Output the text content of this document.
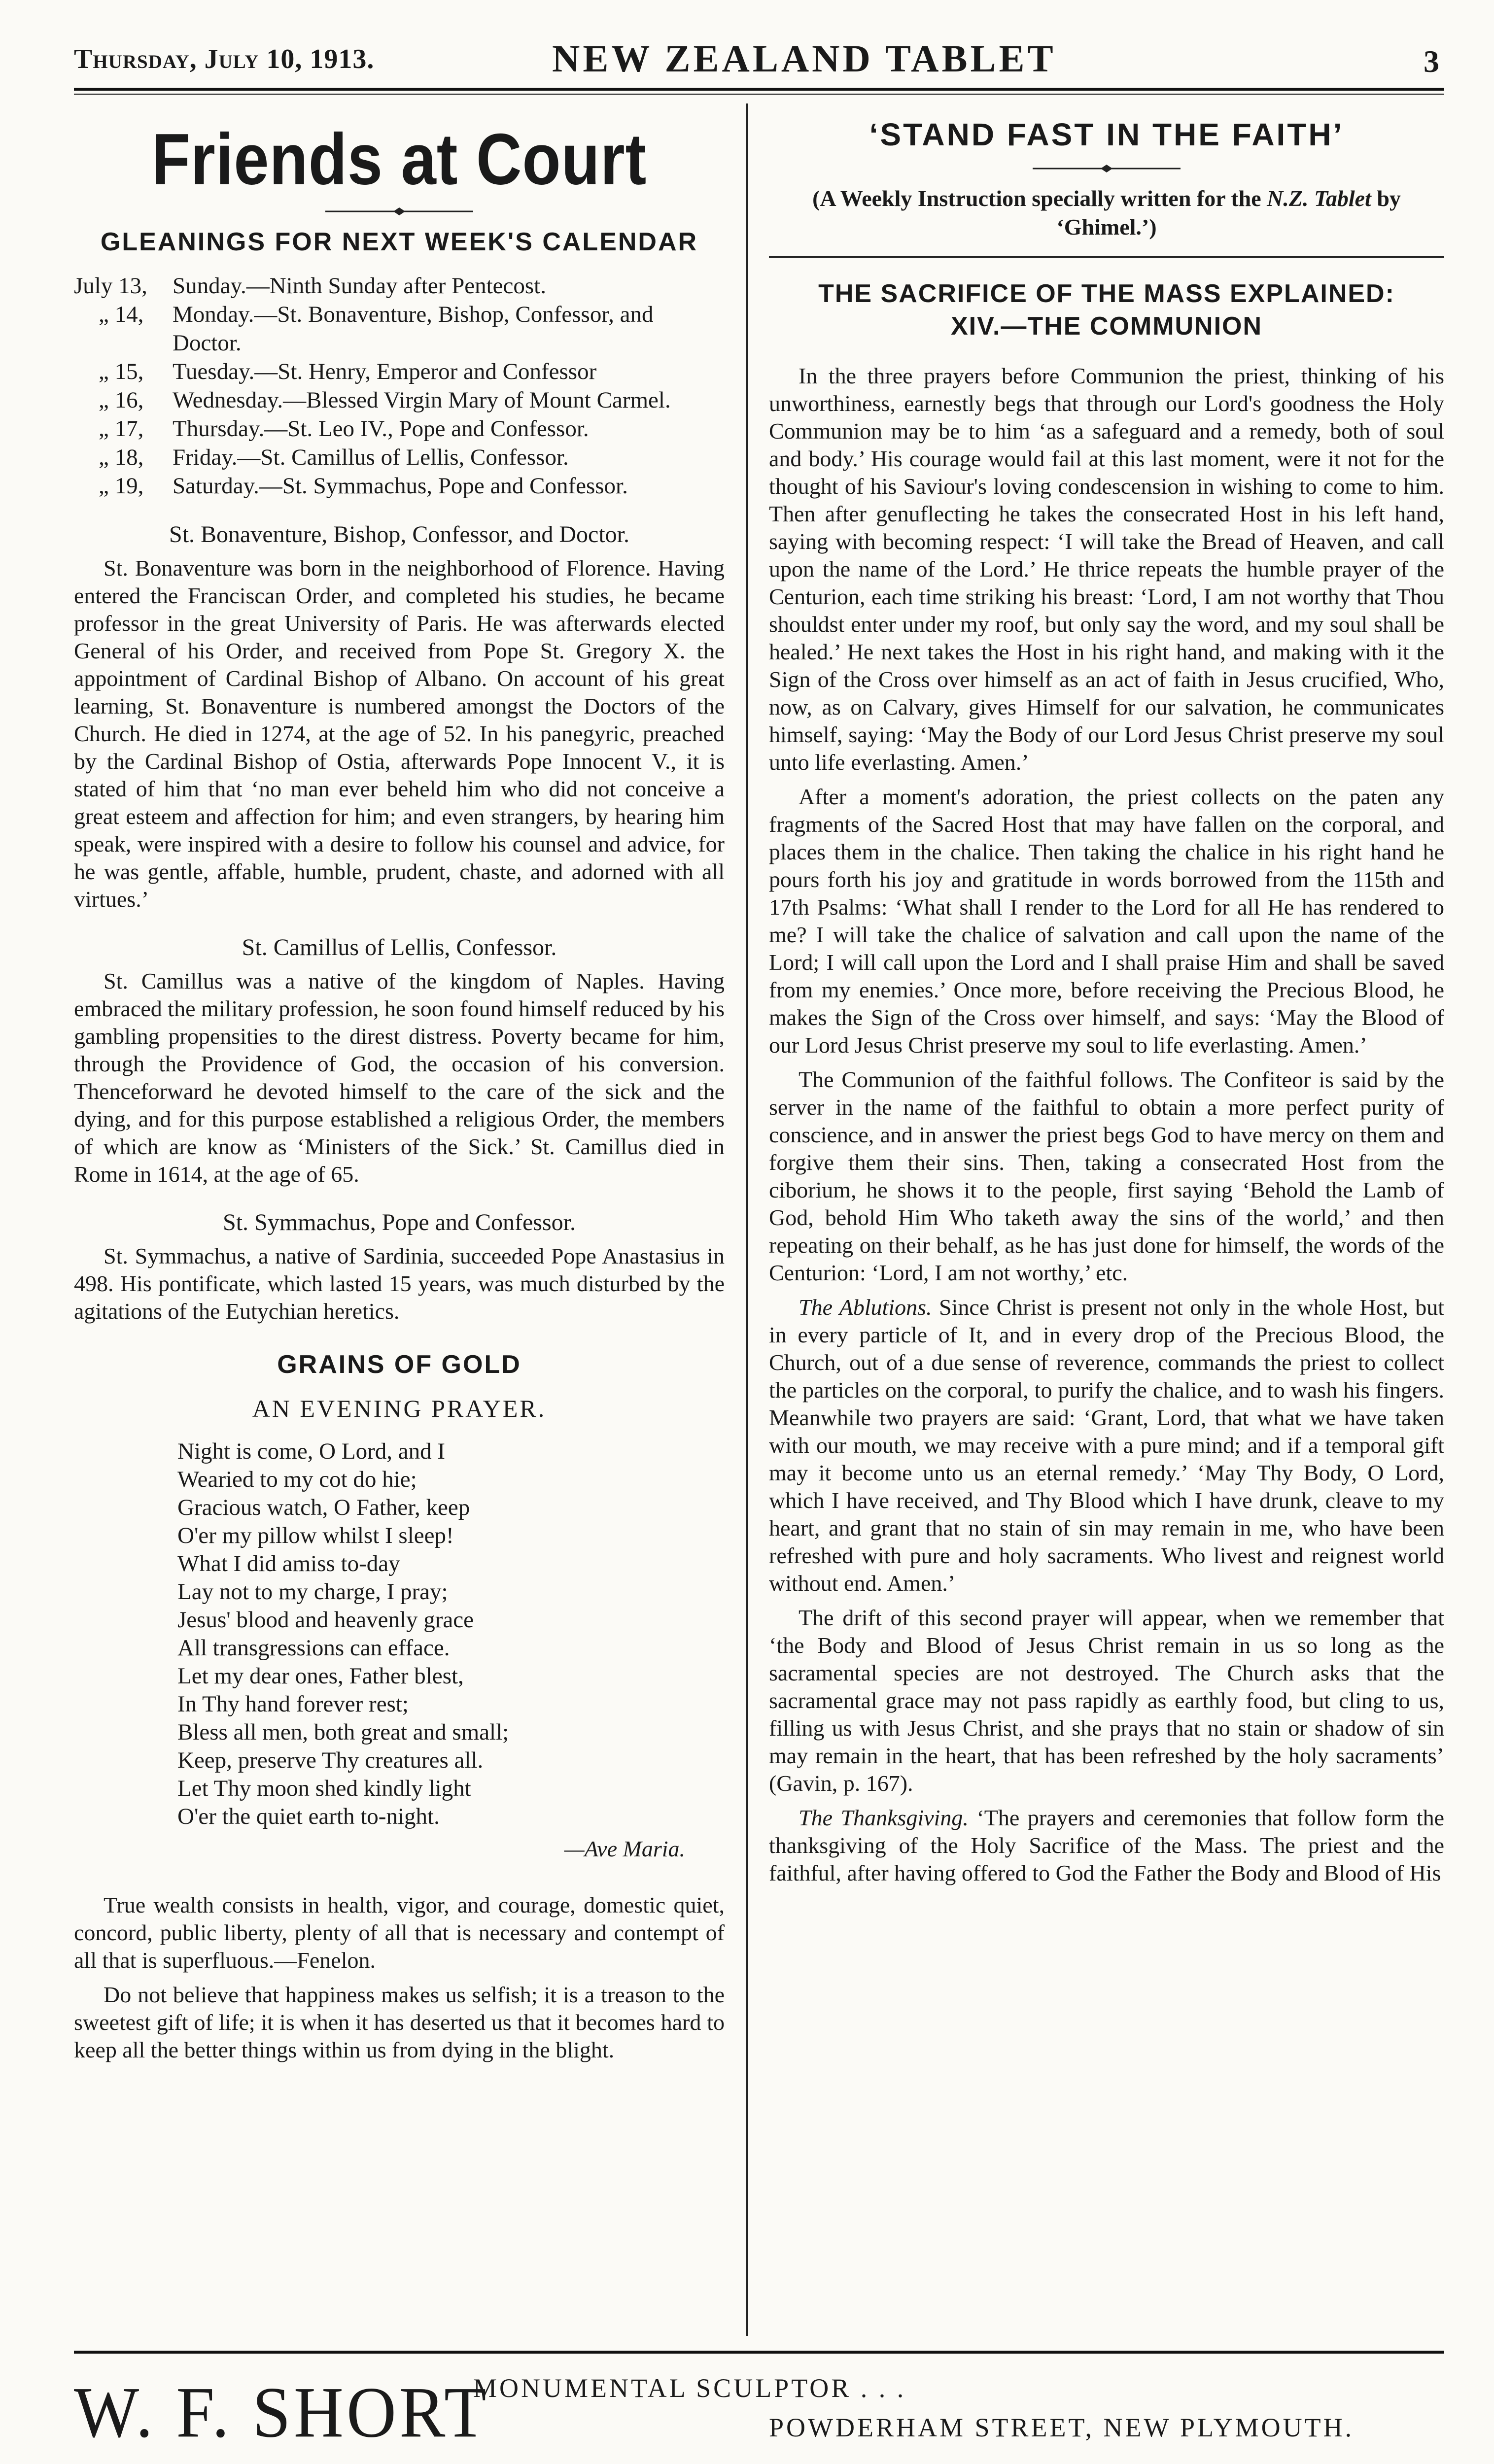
Thursday, July 10, 1913.	NEW ZEALAND TABLET	3
Friends at Court
GLEANINGS FOR NEXT WEEK'S CALENDAR
July 13,	Sunday.—Ninth Sunday after Pentecost.
„ 14,	Monday.—St. Bonaventure, Bishop, Confessor, and Doctor.
„ 15,	Tuesday.—St. Henry, Emperor and Confessor
„ 16,	Wednesday.—Blessed Virgin Mary of Mount Carmel.
„ 17,	Thursday.—St. Leo IV., Pope and Confessor.
„ 18,	Friday.—St. Camillus of Lellis, Confessor.
„ 19,	Saturday.—St. Symmachus, Pope and Confessor.
St. Bonaventure, Bishop, Confessor, and Doctor.

St. Bonaventure was born in the neighborhood of Florence. Having entered the Franciscan Order, and completed his studies, he became professor in the great University of Paris. He was afterwards elected General of his Order, and received from Pope St. Gregory X. the appointment of Cardinal Bishop of Albano. On account of his great learning, St. Bonaventure is numbered amongst the Doctors of the Church. He died in 1274, at the age of 52. In his panegyric, preached by the Cardinal Bishop of Ostia, afterwards Pope Innocent V., it is stated of him that ‘no man ever beheld him who did not conceive a great esteem and affection for him; and even strangers, by hearing him speak, were inspired with a desire to follow his counsel and advice, for he was gentle, affable, humble, prudent, chaste, and adorned with all virtues.’

St. Camillus of Lellis, Confessor.

St. Camillus was a native of the kingdom of Naples. Having embraced the military profession, he soon found himself reduced by his gambling propensities to the direst distress. Poverty became for him, through the Providence of God, the occasion of his conversion. Thenceforward he devoted himself to the care of the sick and the dying, and for this purpose established a religious Order, the members of which are know as ‘Ministers of the Sick.’ St. Camillus died in Rome in 1614, at the age of 65.

St. Symmachus, Pope and Confessor.

St. Symmachus, a native of Sardinia, succeeded Pope Anastasius in 498. His pontificate, which lasted 15 years, was much disturbed by the agitations of the Eutychian heretics.

GRAINS OF GOLD
AN EVENING PRAYER.
Night is come, O Lord, and I
Wearied to my cot do hie;
Gracious watch, O Father, keep
O'er my pillow whilst I sleep!
What I did amiss to-day
Lay not to my charge, I pray;
Jesus' blood and heavenly grace
All transgressions can efface.
Let my dear ones, Father blest,
In Thy hand forever rest;
Bless all men, both great and small;
Keep, preserve Thy creatures all.
Let Thy moon shed kindly light
O'er the quiet earth to-night.
—Ave Maria.

True wealth consists in health, vigor, and courage, domestic quiet, concord, public liberty, plenty of all that is necessary and contempt of all that is superfluous.—Fenelon.

Do not believe that happiness makes us selfish; it is a treason to the sweetest gift of life; it is when it has deserted us that it becomes hard to keep all the better things within us from dying in the blight.

‘STAND FAST IN THE FAITH’
(A Weekly Instruction specially written for the N.Z. Tablet by ‘Ghimel.’)
THE SACRIFICE OF THE MASS EXPLAINED:
XIV.—THE COMMUNION

In the three prayers before Communion the priest, thinking of his unworthiness, earnestly begs that through our Lord's goodness the Holy Communion may be to him ‘as a safeguard and a remedy, both of soul and body.’ His courage would fail at this last moment, were it not for the thought of his Saviour's loving condescension in wishing to come to him. Then after genuflecting he takes the consecrated Host in his left hand, saying with becoming respect: ‘I will take the Bread of Heaven, and call upon the name of the Lord.’ He thrice repeats the humble prayer of the Centurion, each time striking his breast: ‘Lord, I am not worthy that Thou shouldst enter under my roof, but only say the word, and my soul shall be healed.’ He next takes the Host in his right hand, and making with it the Sign of the Cross over himself as an act of faith in Jesus crucified, Who, now, as on Calvary, gives Himself for our salvation, he communicates himself, saying: ‘May the Body of our Lord Jesus Christ preserve my soul unto life everlasting. Amen.’

After a moment's adoration, the priest collects on the paten any fragments of the Sacred Host that may have fallen on the corporal, and places them in the chalice. Then taking the chalice in his right hand he pours forth his joy and gratitude in words borrowed from the 115th and 17th Psalms: ‘What shall I render to the Lord for all He has rendered to me? I will take the chalice of salvation and call upon the name of the Lord; I will call upon the Lord and I shall praise Him and shall be saved from my enemies.’ Once more, before receiving the Precious Blood, he makes the Sign of the Cross over himself, and says: ‘May the Blood of our Lord Jesus Christ preserve my soul to life everlasting. Amen.’

The Communion of the faithful follows. The Confiteor is said by the server in the name of the faithful to obtain a more perfect purity of conscience, and in answer the priest begs God to have mercy on them and forgive them their sins. Then, taking a consecrated Host from the ciborium, he shows it to the people, first saying ‘Behold the Lamb of God, behold Him Who taketh away the sins of the world,’ and then repeating on their behalf, as he has just done for himself, the words of the Centurion: ‘Lord, I am not worthy,’ etc.

The Ablutions. Since Christ is present not only in the whole Host, but in every particle of It, and in every drop of the Precious Blood, the Church, out of a due sense of reverence, commands the priest to collect the particles on the corporal, to purify the chalice, and to wash his fingers. Meanwhile two prayers are said: ‘Grant, Lord, that what we have taken with our mouth, we may receive with a pure mind; and if a temporal gift may it become unto us an eternal remedy.’ ‘May Thy Body, O Lord, which I have received, and Thy Blood which I have drunk, cleave to my heart, and grant that no stain of sin may remain in me, who have been refreshed with pure and holy sacraments. Who livest and reignest world without end. Amen.’

The drift of this second prayer will appear, when we remember that ‘the Body and Blood of Jesus Christ remain in us so long as the sacramental species are not destroyed. The Church asks that the sacramental grace may not pass rapidly as earthly food, but cling to us, filling us with Jesus Christ, and she prays that no stain or shadow of sin may remain in the heart, that has been refreshed by the holy sacraments’ (Gavin, p. 167).

The Thanksgiving. ‘The prayers and ceremonies that follow form the thanksgiving of the Holy Sacrifice of the Mass. The priest and the faithful, after having offered to God the Father the Body and Blood of His

W. F. SHORT
MONUMENTAL SCULPTOR . . .
POWDERHAM STREET, NEW PLYMOUTH.
